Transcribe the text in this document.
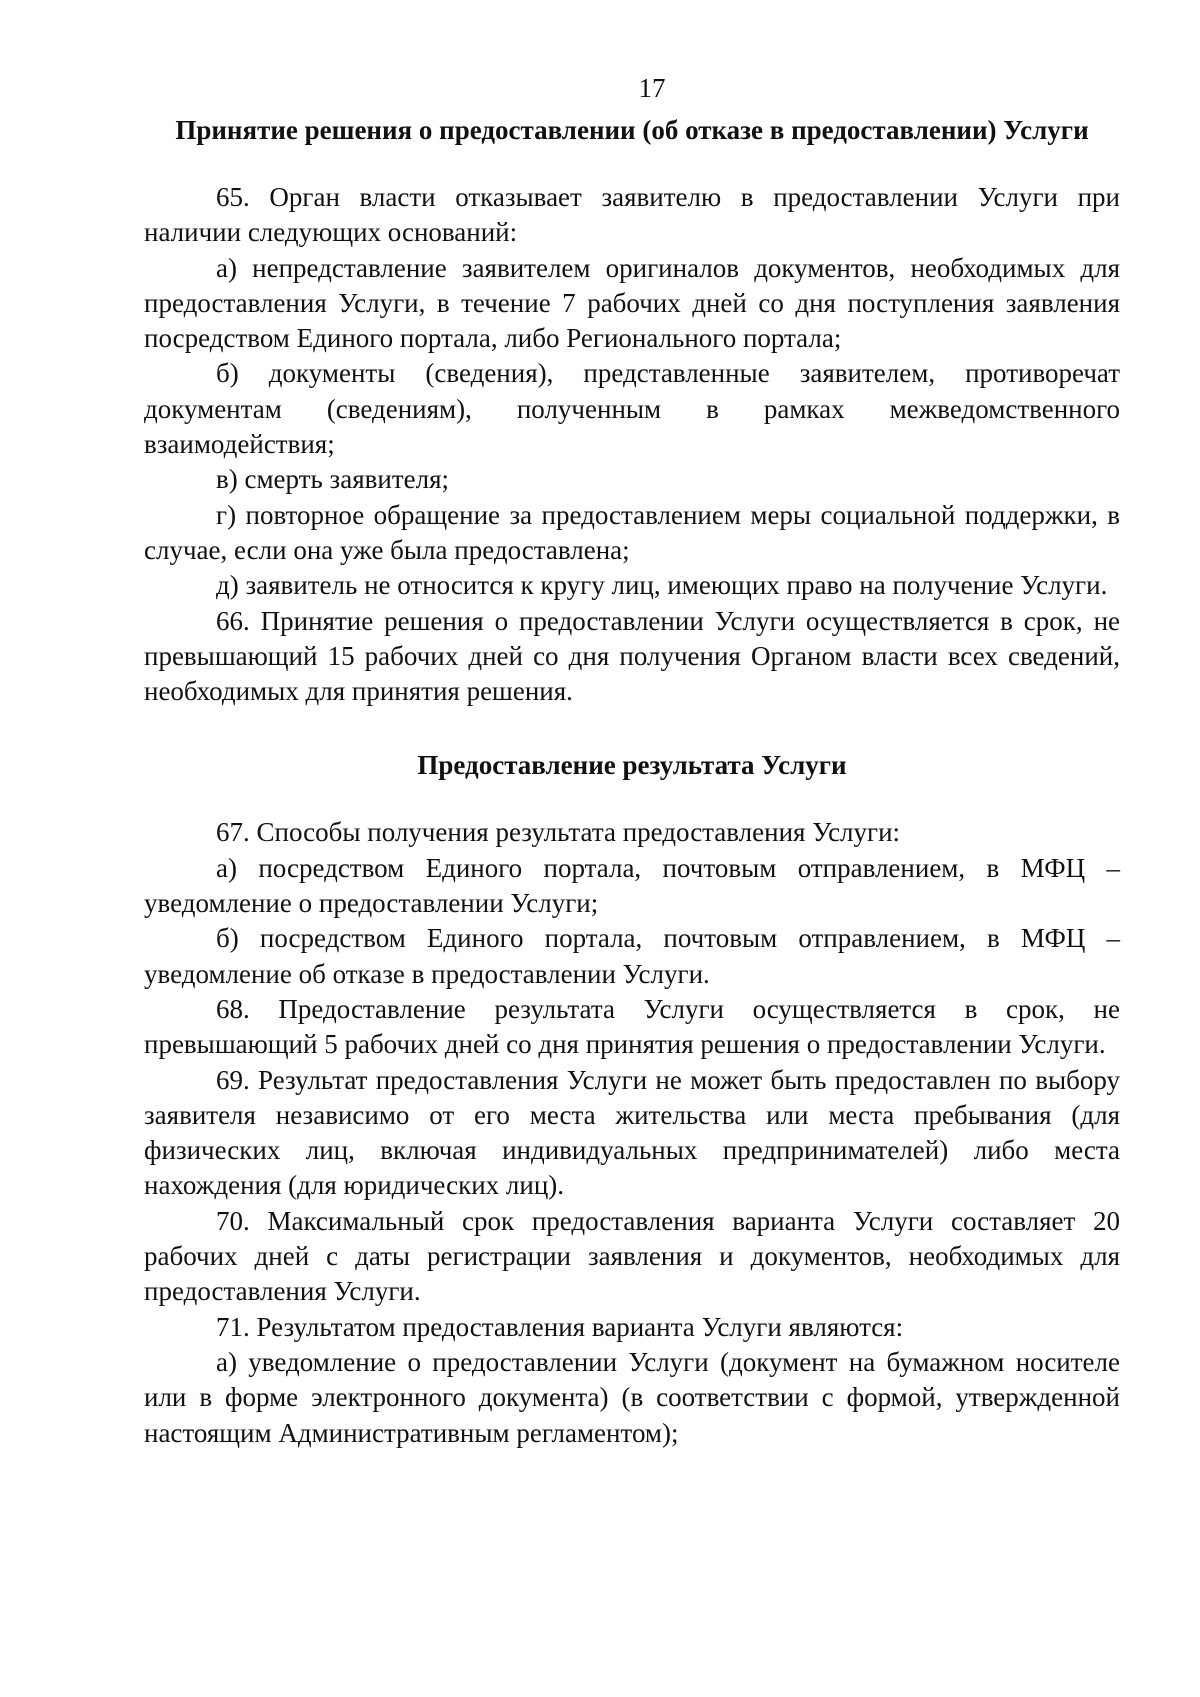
17
Принятие решения о предоставлении (об отказе в предоставлении) Услуги

65. Орган власти отказывает заявителю в предоставлении Услуги при наличии следующих оснований:

а) непредставление заявителем оригиналов документов, необходимых для предоставления Услуги, в течение 7 рабочих дней со дня поступления заявления посредством Единого портала, либо Регионального портала;

б) документы (сведения), представленные заявителем, противоречат документам (сведениям), полученным в рамках межведомственного взаимодействия;

в) смерть заявителя;

г) повторное обращение за предоставлением меры социальной поддержки, в случае, если она уже была предоставлена;

д) заявитель не относится к кругу лиц, имеющих право на получение Услуги.

66. Принятие решения о предоставлении Услуги осуществляется в срок, не превышающий 15 рабочих дней со дня получения Органом власти всех сведений, необходимых для принятия решения.

Предоставление результата Услуги

67. Способы получения результата предоставления Услуги:

а) посредством Единого портала, почтовым отправлением, в МФЦ – уведомление о предоставлении Услуги;

б) посредством Единого портала, почтовым отправлением, в МФЦ – уведомление об отказе в предоставлении Услуги.

68. Предоставление результата Услуги осуществляется в срок, не превышающий 5 рабочих дней со дня принятия решения о предоставлении Услуги.

69. Результат предоставления Услуги не может быть предоставлен по выбору заявителя независимо от его места жительства или места пребывания (для физических лиц, включая индивидуальных предпринимателей) либо места нахождения (для юридических лиц).

70. Максимальный срок предоставления варианта Услуги составляет 20 рабочих дней с даты регистрации заявления и документов, необходимых для предоставления Услуги.

71. Результатом предоставления варианта Услуги являются:

а) уведомление о предоставлении Услуги (документ на бумажном носителе или в форме электронного документа) (в соответствии с формой, утвержденной настоящим Административным регламентом);
